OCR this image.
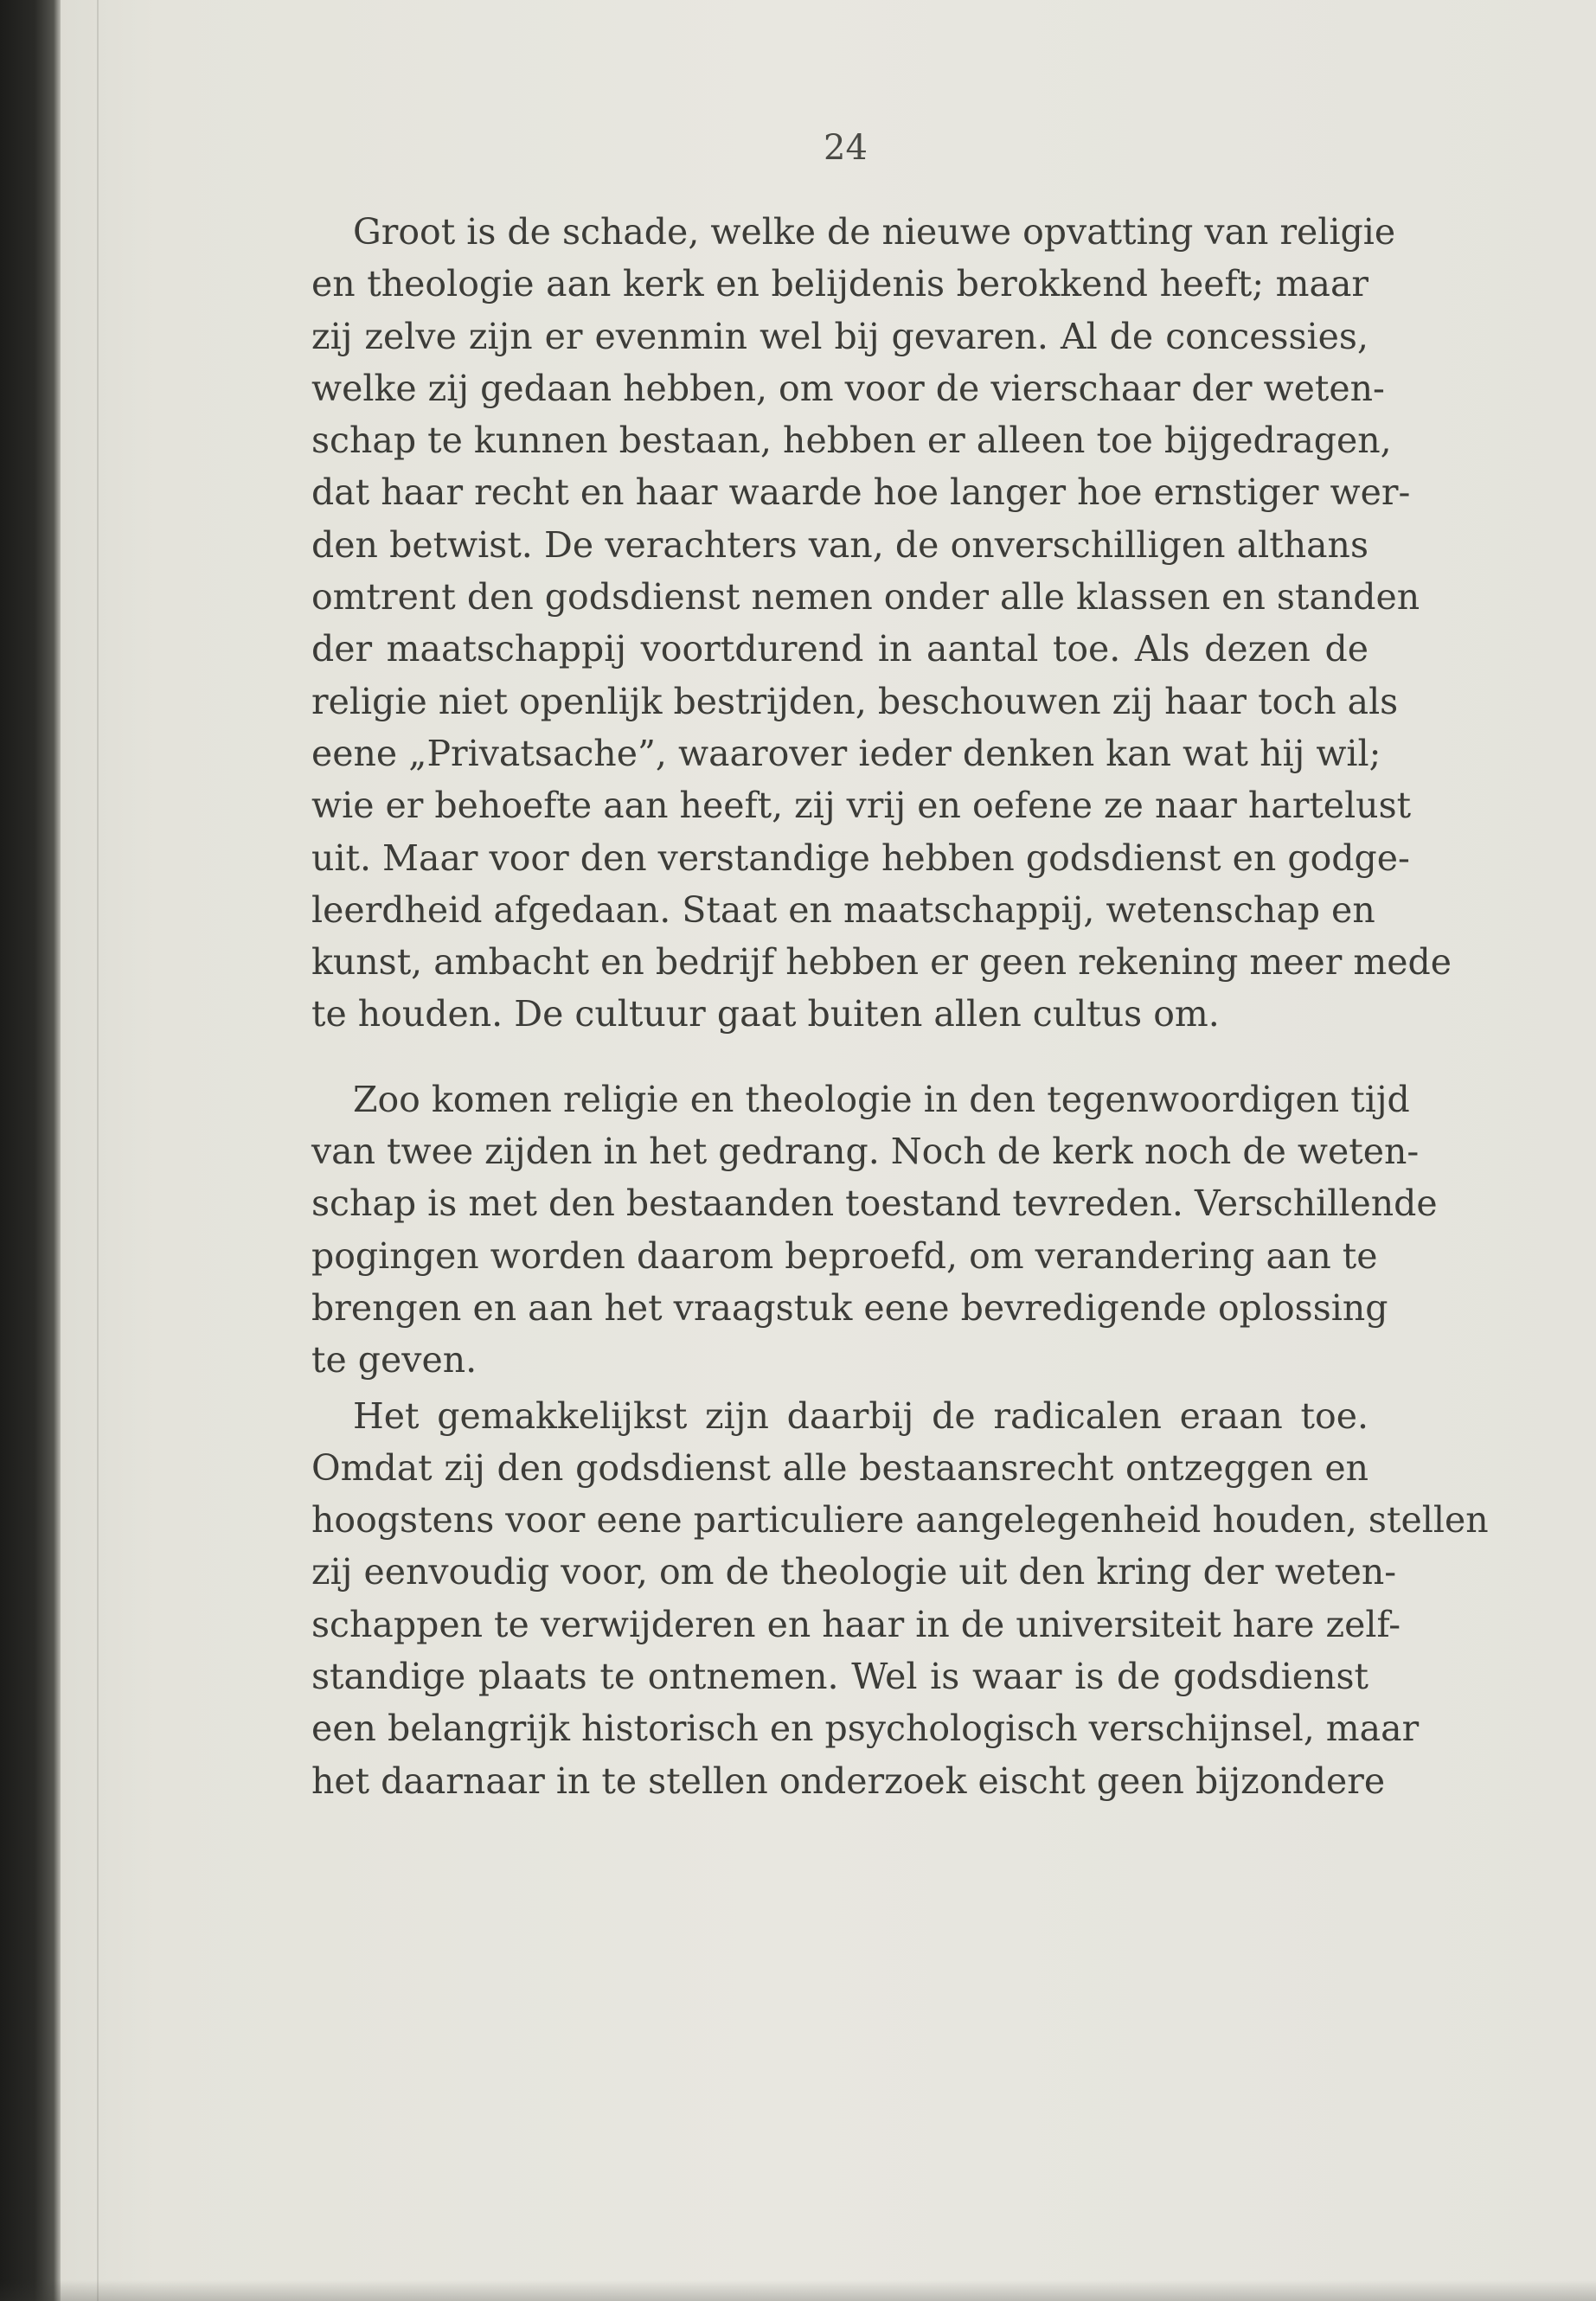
24
Groot is de schade, welke de nieuwe opvatting van religie
en theologie aan kerk en belijdenis berokkend heeft; maar
zij zelve zijn er evenmin wel bij gevaren. Al de concessies,
welke zij gedaan hebben, om voor de vierschaar der weten-
schap te kunnen bestaan, hebben er alleen toe bijgedragen,
dat haar recht en haar waarde hoe langer hoe ernstiger wer-
den betwist. De verachters van, de onverschilligen althans
omtrent den godsdienst nemen onder alle klassen en standen
der maatschappij voortdurend in aantal toe. Als dezen de
religie niet openlijk bestrijden, beschouwen zij haar toch als
eene „Privatsache”, waarover ieder denken kan wat hij wil;
wie er behoefte aan heeft, zij vrij en oefene ze naar hartelust
uit. Maar voor den verstandige hebben godsdienst en godge-
leerdheid afgedaan. Staat en maatschappij, wetenschap en
kunst, ambacht en bedrijf hebben er geen rekening meer mede
te houden. De cultuur gaat buiten allen cultus om.
Zoo komen religie en theologie in den tegenwoordigen tijd
van twee zijden in het gedrang. Noch de kerk noch de weten-
schap is met den bestaanden toestand tevreden. Verschillende
pogingen worden daarom beproefd, om verandering aan te
brengen en aan het vraagstuk eene bevredigende oplossing
te geven.
Het gemakkelijkst zijn daarbij de radicalen eraan toe.
Omdat zij den godsdienst alle bestaansrecht ontzeggen en
hoogstens voor eene particuliere aangelegenheid houden, stellen
zij eenvoudig voor, om de theologie uit den kring der weten-
schappen te verwijderen en haar in de universiteit hare zelf-
standige plaats te ontnemen. Wel is waar is de godsdienst
een belangrijk historisch en psychologisch verschijnsel, maar
het daarnaar in te stellen onderzoek eischt geen bijzondere
